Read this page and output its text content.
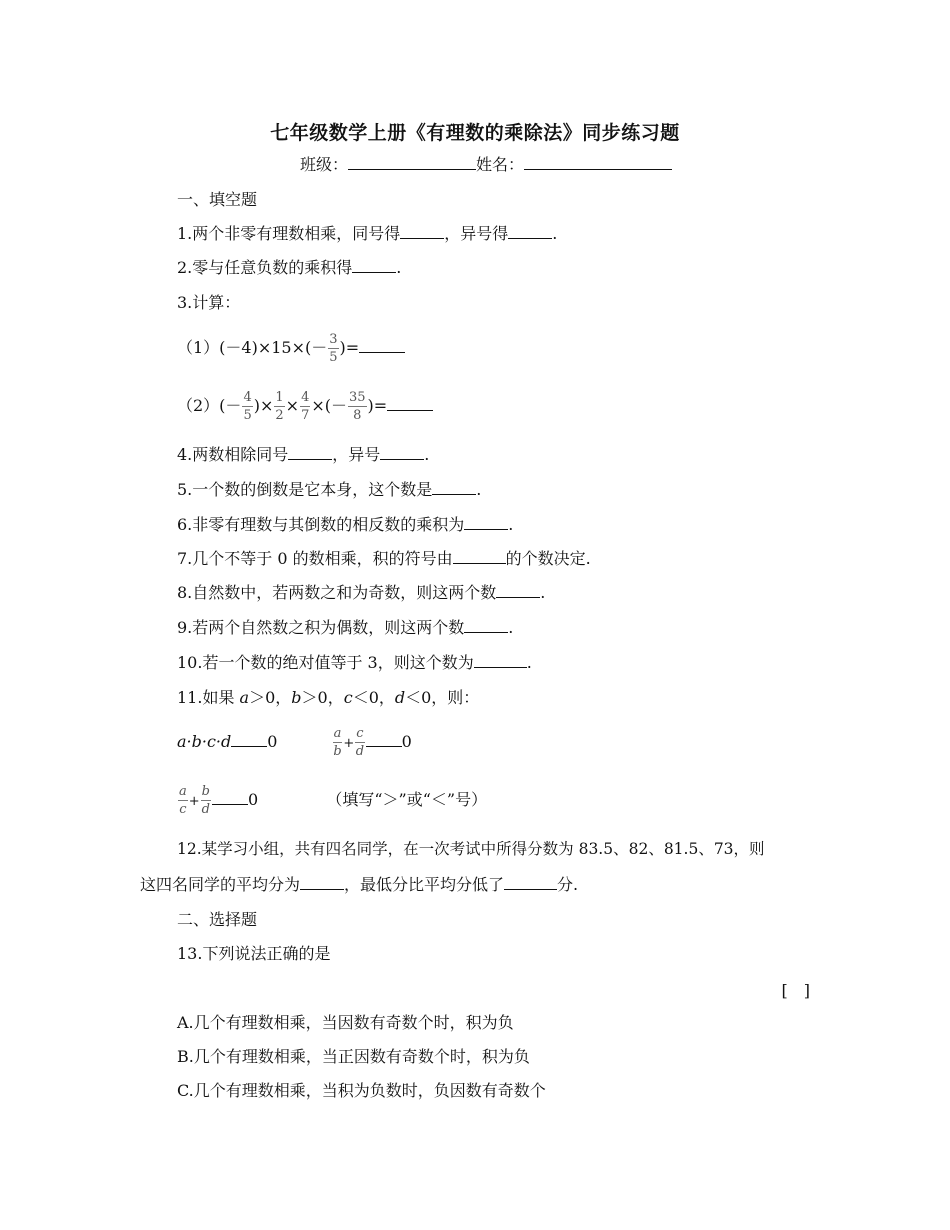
七年级数学上册《有理数的乘除法》同步练习题
班级：	姓名：
一、填空题
1.两个非零有理数相乘，同号得	，异号得	.
2.零与任意负数的乘积得	.
3.计算：
$(1)(-4)\times 15\times(- \frac{3}{5}$ )=
$(2)(- \frac{4}{5}$ )× $\frac{1}{2} \times \frac{4}{7}$ ×(－ $\frac{35}{8}$ )=
4.两数相除同号	，异号	.
5.一个数的倒数是它本身，这个数是	.
6.非零有理数与其倒数的相反数的乘积为	.
7.几个不等于 0 的数相乘，积的符号由	的个数决定.
8.自然数中，若两数之和为奇数，则这两个数	.
9.若两个自然数之积为偶数，则这两个数	.
10.若一个数的绝对值等于 3，则这个数为	.
11.如果 a＞0，b＞0，c＜0，d＜0，则：
a·b·c·d 0	$\frac{a}{b} + \frac{c}{d} 0$
$\frac{a}{c} + \frac{b}{d} 0$	（填写“＞”或“＜”号）
12.某学习小组，共有四名同学，在一次考试中所得分数为 83.5、82、81.5、73，则
这四名同学的平均分为	，最低分比平均分低了	分.
二、选择题
13.下列说法正确的是
[　]
A.几个有理数相乘，当因数有奇数个时，积为负
B.几个有理数相乘，当正因数有奇数个时，积为负
C.几个有理数相乘，当积为负数时，负因数有奇数个
